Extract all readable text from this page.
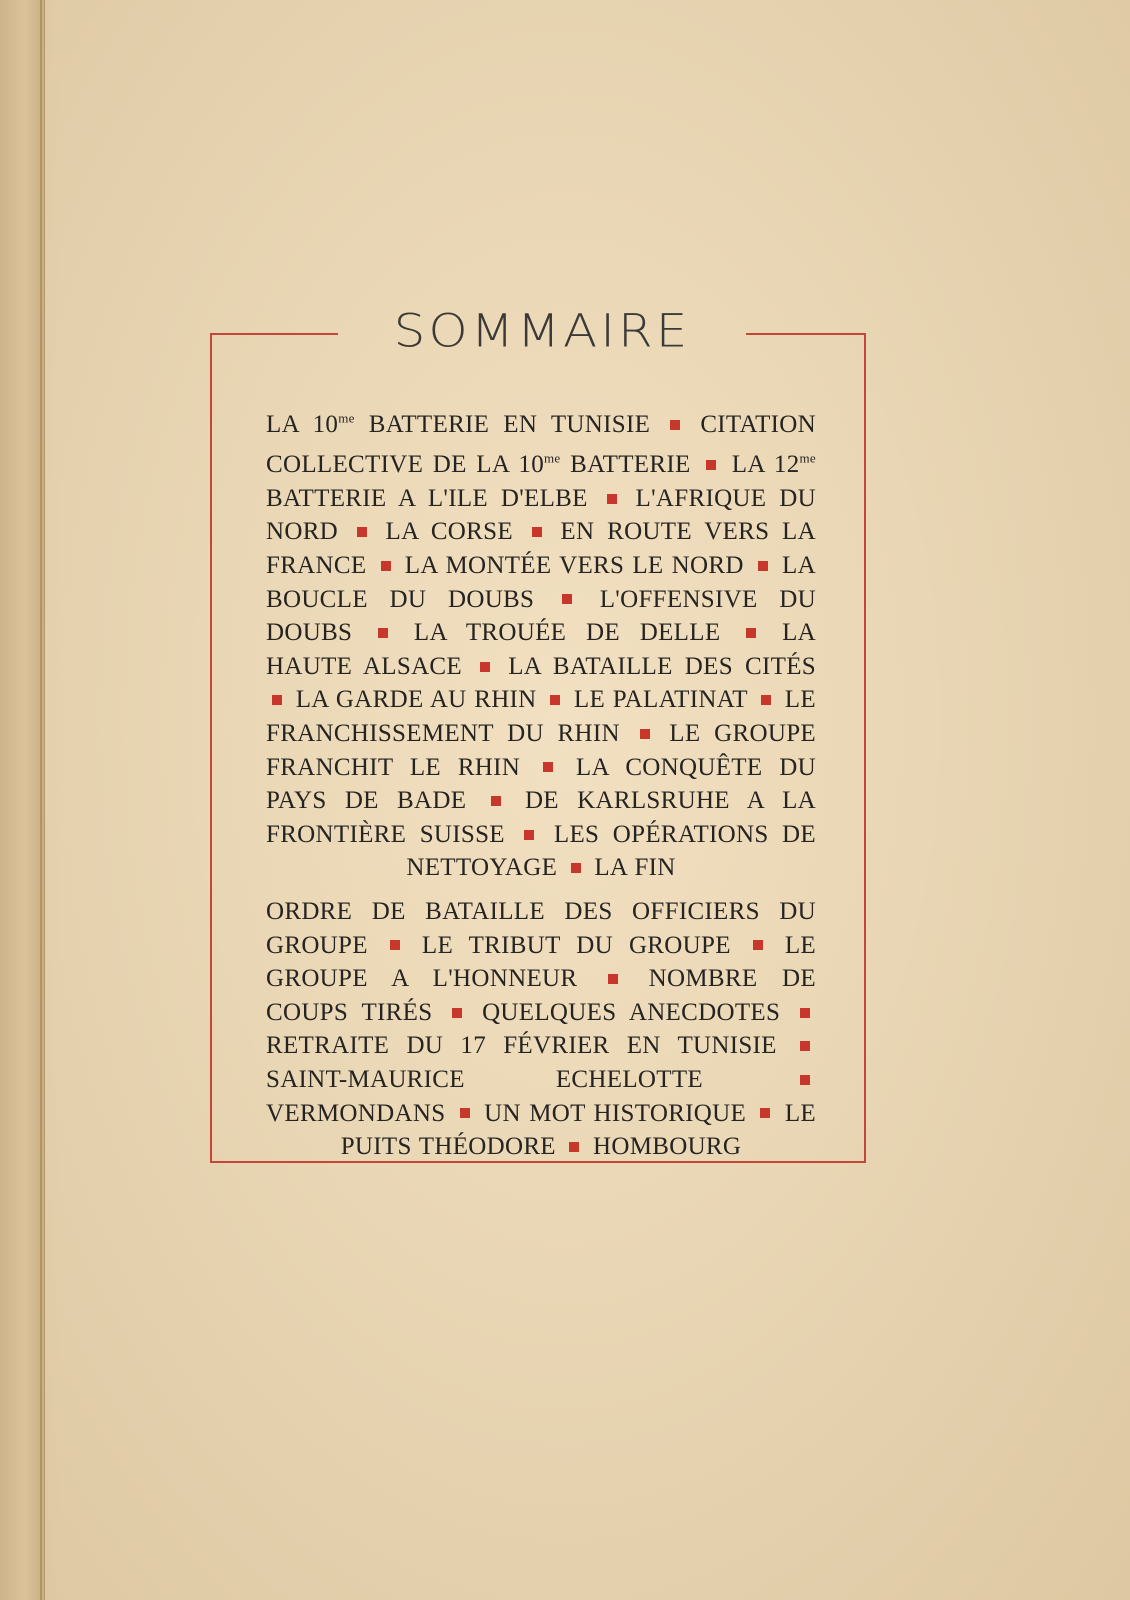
SOMMAIRE
LA $10^{me}$ BATTERIE EN TUNISIE CITATION COLLECTIVE DE LA $10^{me}$ BATTERIE LA $12^{me}$ BATTERIE A L'ILE D'ELBE L'AFRIQUE DU NORD LA CORSE EN ROUTE VERS LA FRANCE LA MONTÉE VERS LE NORD LA BOUCLE DU DOUBS	L'OFFENSIVE DU DOUBS LA TROUÉE DE DELLE LA HAUTE ALSACE LA BATAILLE DES CITÉS  LA GARDE AU RHIN LE PALATINAT LE FRANCHISSEMENT DU RHIN LE GROUPE FRANCHIT LE RHIN LA CONQUÊTE DU PAYS DE BADE DE KARLSRUHE A LA FRONTIÈRE SUISSE LES OPÉRATIONS DE NETTOYAGE LA FIN
ORDRE DE BATAILLE DES OFFICIERS DU GROUPE LE TRIBUT DU GROUPE LE GROUPE A L'HONNEUR	NOMBRE DE COUPS TIRÉS QUELQUES ANECDOTES  RETRAITE DU 17 FÉVRIER EN TUNISIE  SAINT-MAURICE ECHELOTTE  VERMONDANS UN MOT HISTORIQUE LE PUITS THÉODORE HOMBOURG
